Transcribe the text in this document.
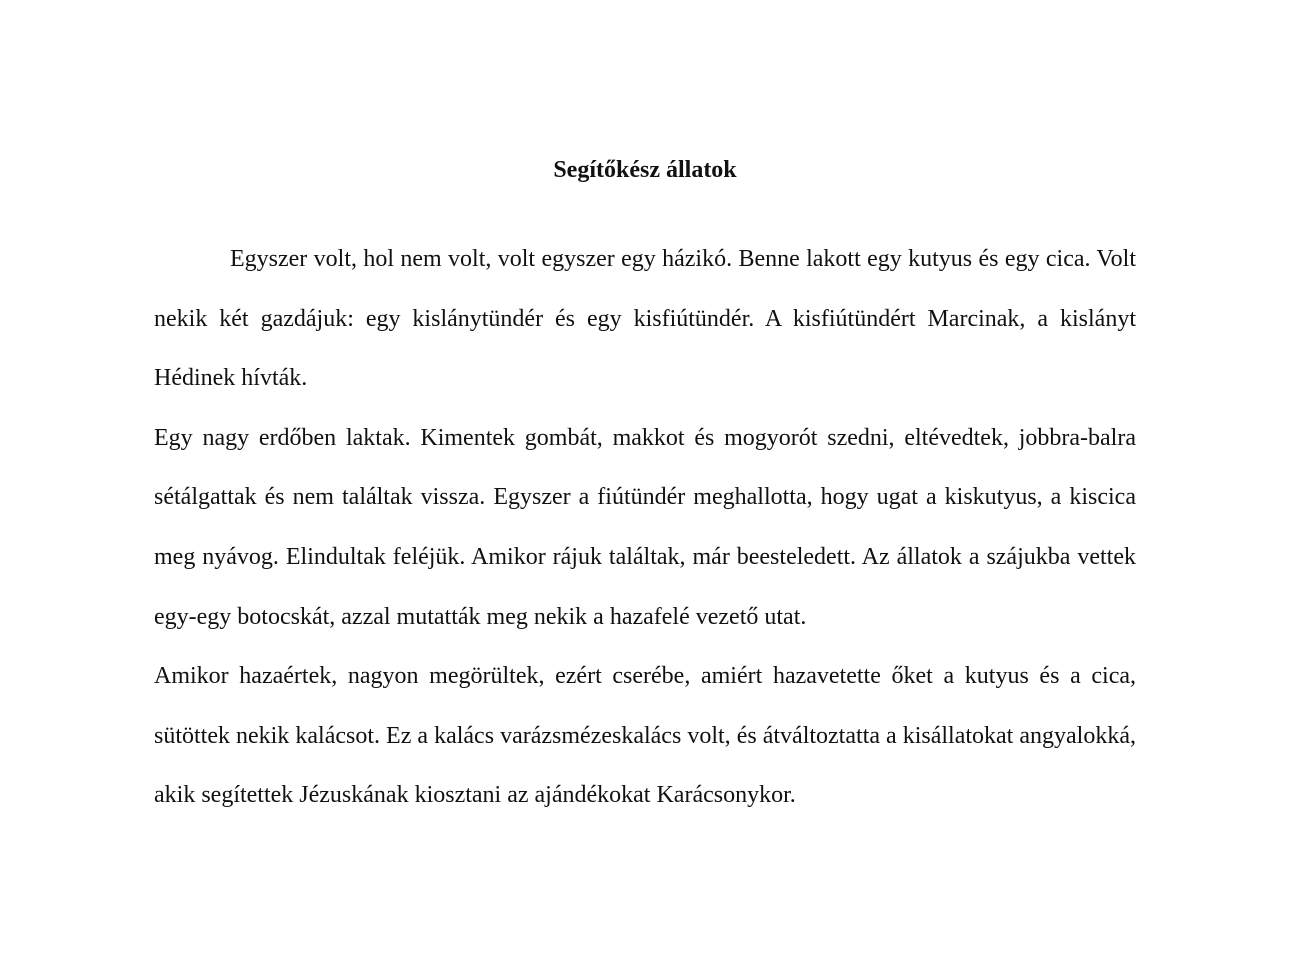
Segítőkész állatok

Egyszer volt, hol nem volt, volt egyszer egy házikó. Benne lakott egy kutyus és egy cica. Volt nekik két gazdájuk: egy kislánytündér és egy kisfiútündér. A kisfiútündért Marcinak, a kislányt Hédinek hívták.

Egy nagy erdőben laktak. Kimentek gombát, makkot és mogyorót szedni, eltévedtek, jobbra-balra sétálgattak és nem találtak vissza. Egyszer a fiútündér meghallotta, hogy ugat a kiskutyus, a kiscica meg nyávog. Elindultak feléjük. Amikor rájuk találtak, már beesteledett. Az állatok a szájukba vettek egy-egy botocskát, azzal mutatták meg nekik a hazafelé vezető utat.

Amikor hazaértek, nagyon megörültek, ezért cserébe, amiért hazavetette őket a kutyus és a cica, sütöttek nekik kalácsot. Ez a kalács varázsmézeskalács volt, és átváltoztatta a kisállatokat angyalokká, akik segítettek Jézuskának kiosztani az ajándékokat Karácsonykor.
